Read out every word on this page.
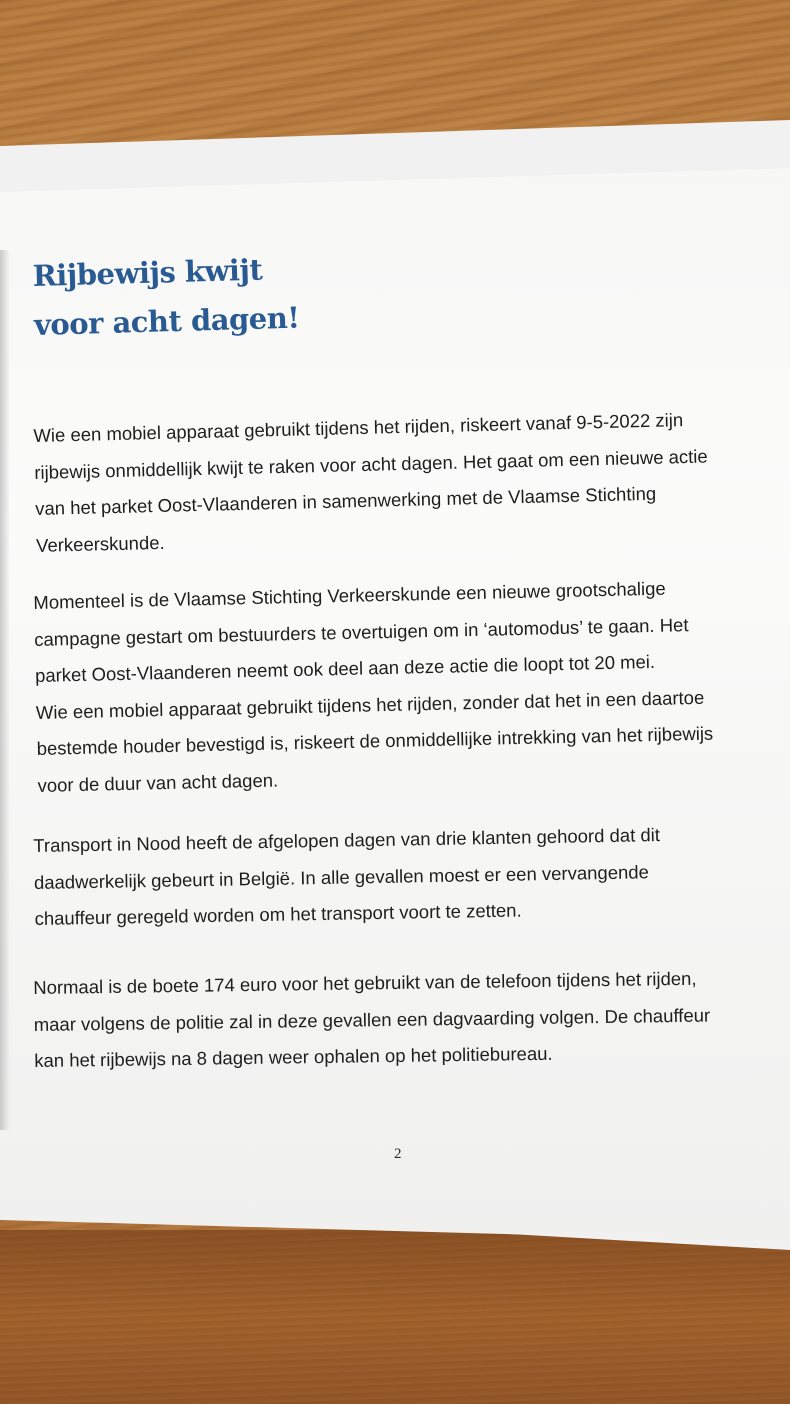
Rijbewijs kwijt
voor acht dagen!
Wie een mobiel apparaat gebruikt tijdens het rijden, riskeert vanaf 9-5-2022 zijn
rijbewijs onmiddellijk kwijt te raken voor acht dagen. Het gaat om een nieuwe actie
van het parket Oost-Vlaanderen in samenwerking met de Vlaamse Stichting
Verkeerskunde.
Momenteel is de Vlaamse Stichting Verkeerskunde een nieuwe grootschalige
campagne gestart om bestuurders te overtuigen om in ‘automodus’ te gaan. Het
parket Oost-Vlaanderen neemt ook deel aan deze actie die loopt tot 20 mei.
Wie een mobiel apparaat gebruikt tijdens het rijden, zonder dat het in een daartoe
bestemde houder bevestigd is, riskeert de onmiddellijke intrekking van het rijbewijs
voor de duur van acht dagen.
Transport in Nood heeft de afgelopen dagen van drie klanten gehoord dat dit
daadwerkelijk gebeurt in België. In alle gevallen moest er een vervangende
chauffeur geregeld worden om het transport voort te zetten.
Normaal is de boete 174 euro voor het gebruikt van de telefoon tijdens het rijden,
maar volgens de politie zal in deze gevallen een dagvaarding volgen. De chauffeur
kan het rijbewijs na 8 dagen weer ophalen op het politiebureau.
2
